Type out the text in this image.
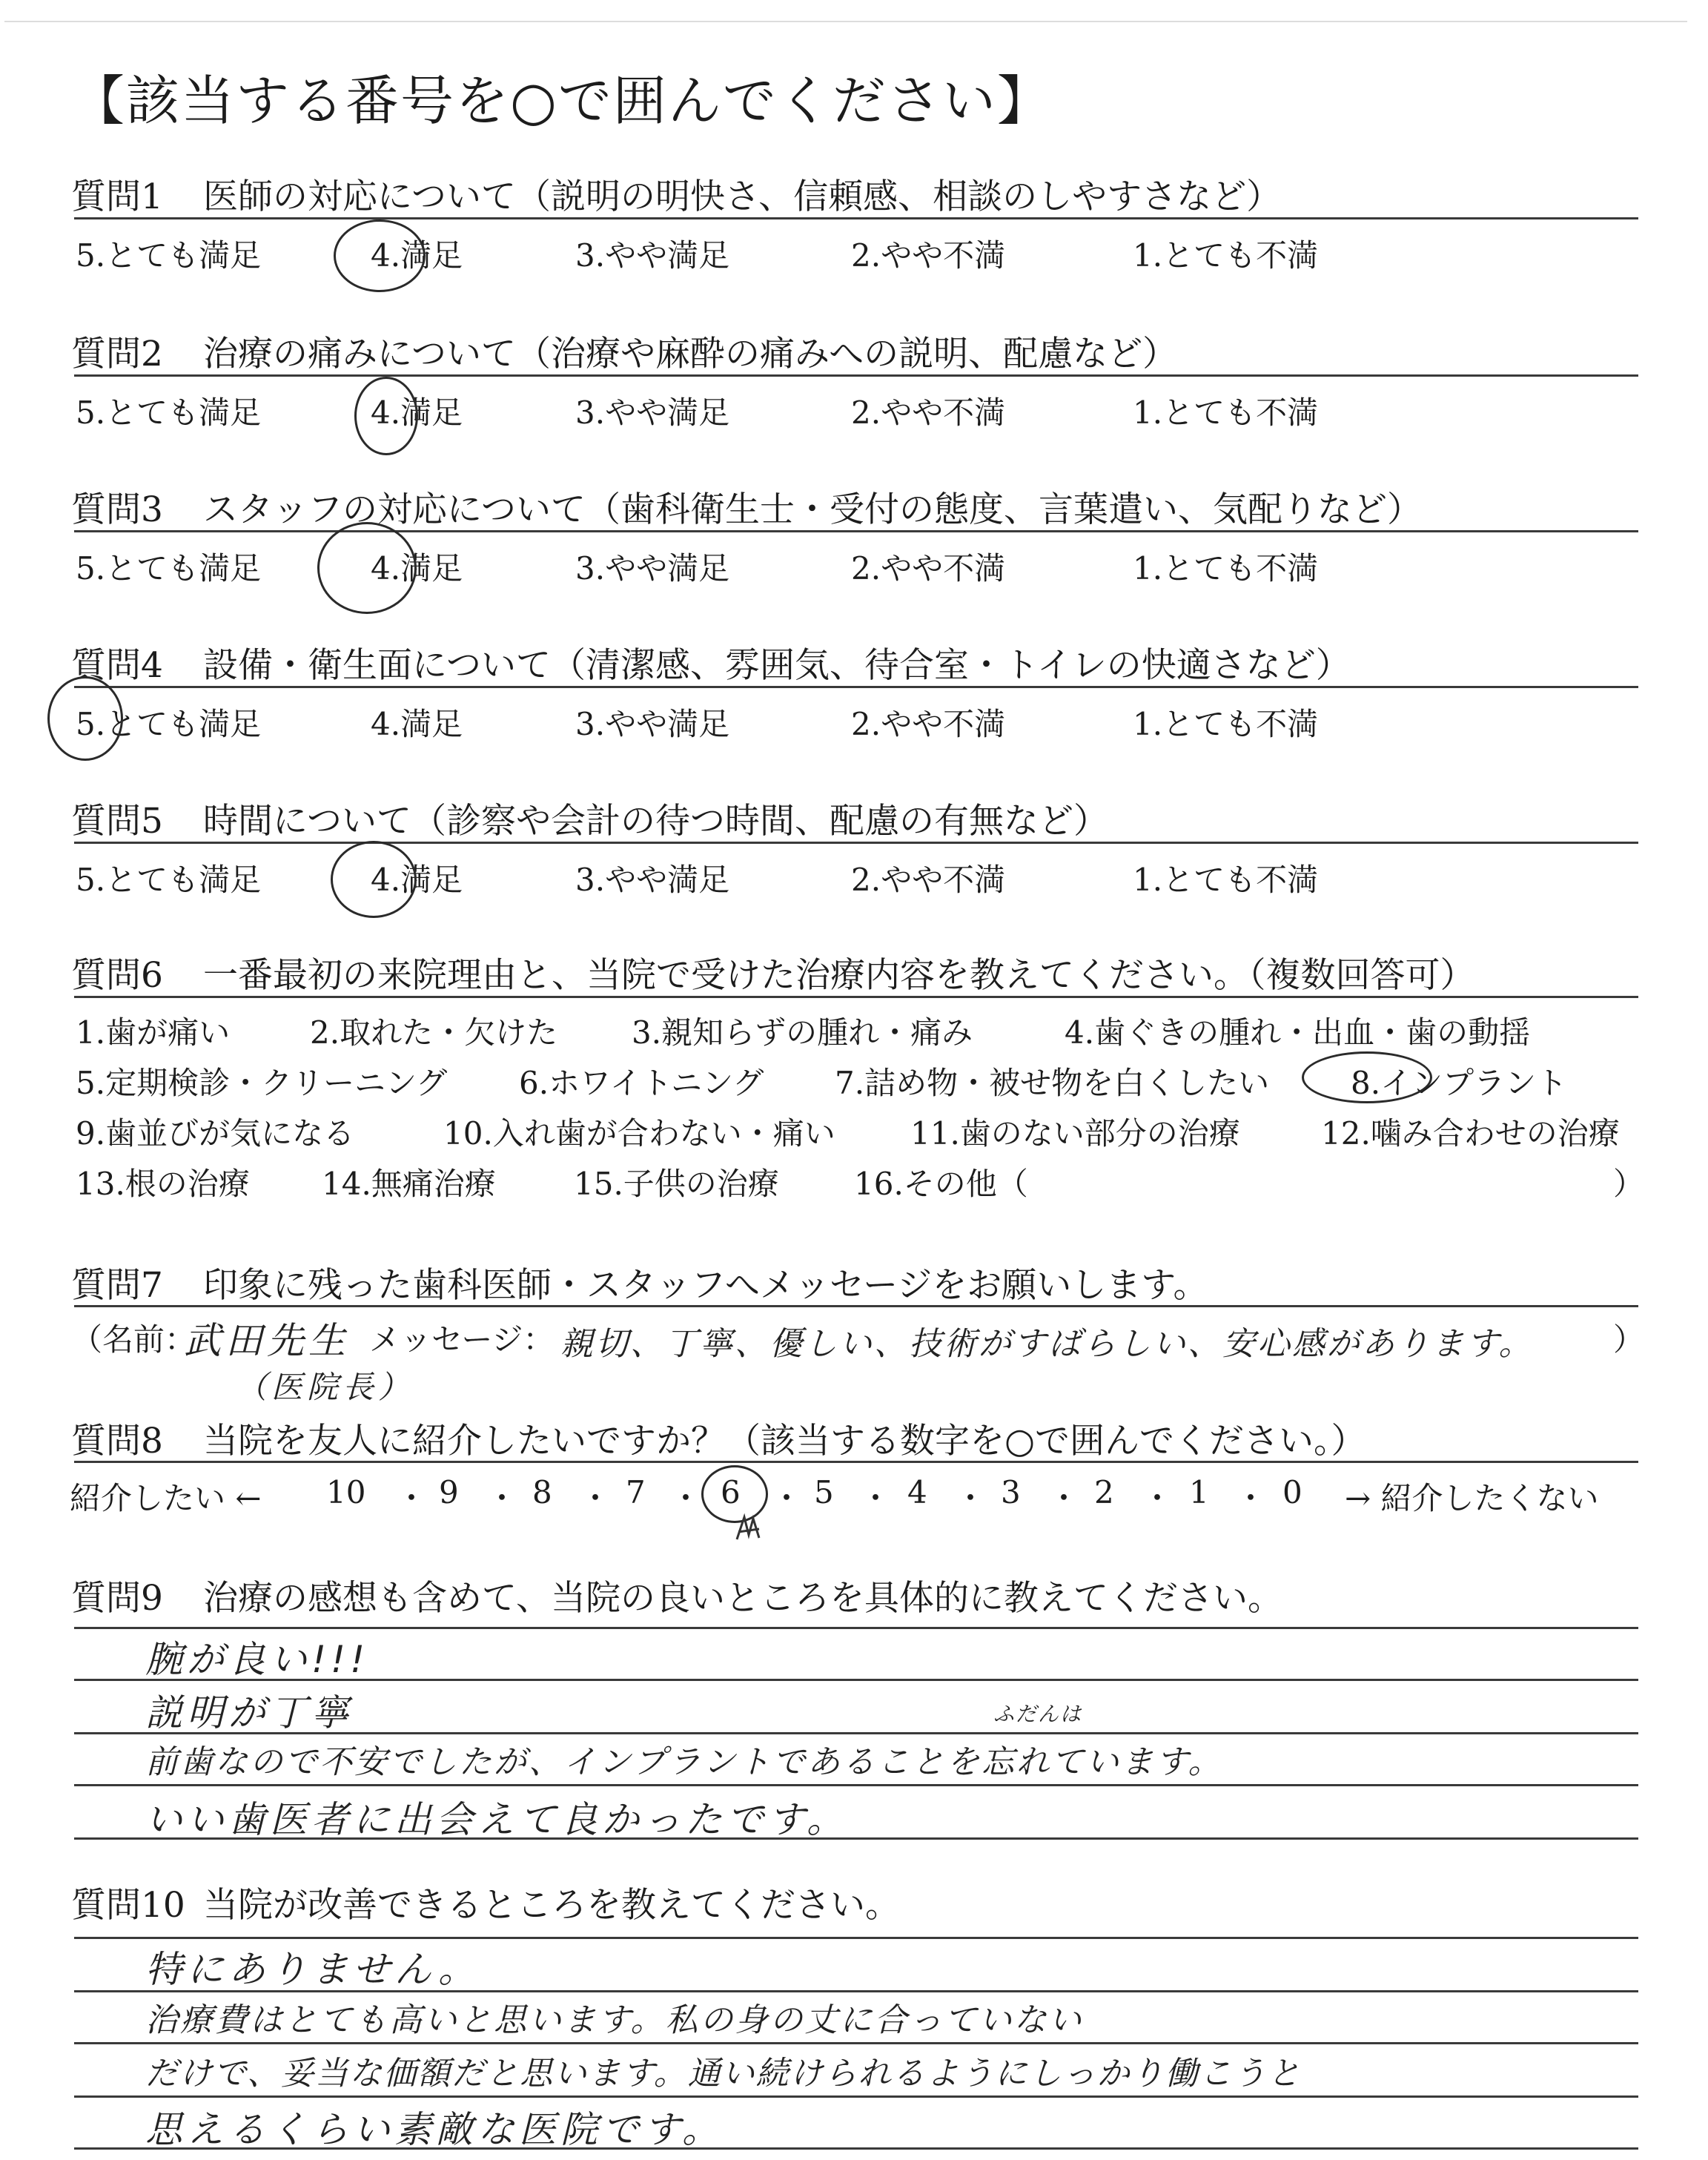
【該当する番号を○で囲んでください】
質問1 医師の対応について（説明の明快さ、信頼感、相談のしやすさなど）
5.とても満足	4.満足	3.やや満足	2.やや不満	1.とても不満
質問2 治療の痛みについて（治療や麻酔の痛みへの説明、配慮など）
5.とても満足	4.満足	3.やや満足	2.やや不満	1.とても不満
質問3 スタッフの対応について（歯科衛生士・受付の態度、言葉遣い、気配りなど）
5.とても満足	4.満足	3.やや満足	2.やや不満	1.とても不満
質問4 設備・衛生面について（清潔感、雰囲気、待合室・トイレの快適さなど）
5.とても満足	4.満足	3.やや満足	2.やや不満	1.とても不満
質問5 時間について（診察や会計の待つ時間、配慮の有無など）
5.とても満足	4.満足	3.やや満足	2.やや不満	1.とても不満
質問6 一番最初の来院理由と、当院で受けた治療内容を教えてください。（複数回答可）
1.歯が痛い	2.取れた・欠けた 3.親知らずの腫れ・痛み	4.歯ぐきの腫れ・出血・歯の動揺
5.定期検診・クリーニング 6.ホワイトニング 7.詰め物・被せ物を白くしたい	8.インプラント
9.歯並びが気になる	10.入れ歯が合わない・痛い 11.歯のない部分の治療	12.噛み合わせの治療
13.根の治療 14.無痛治療	15.子供の治療 16.その他（	）
質問7 印象に残った歯科医師・スタッフへメッセージをお願いします。
（名前：
武田先生
（医院長）
メッセージ： 親切、丁寧、優しい、技術がすばらしい、安心感があります。	）
質問8 当院を友人に紹介したいですか？（該当する数字を○で囲んでください。）
紹介したい ← 10 ・ 9 ・ 8 ・ 7 ・ 6 ・ 5 ・ 4 ・ 3 ・ 2 ・ 1 ・ 0 → 紹介したくない
質問9 治療の感想も含めて、当院の良いところを具体的に教えてください。
腕が良い!!!
説明が丁寧	ふだんは
前歯なので不安でしたが、インプラントであることを忘れています。
いい歯医者に出会えて良かったです。
質問10 当院が改善できるところを教えてください。
特にありません。
治療費はとても高いと思います。私の身の丈に合っていない
だけで、妥当な価額だと思います。通い続けられるようにしっかり働こうと
思えるくらい素敵な医院です。
